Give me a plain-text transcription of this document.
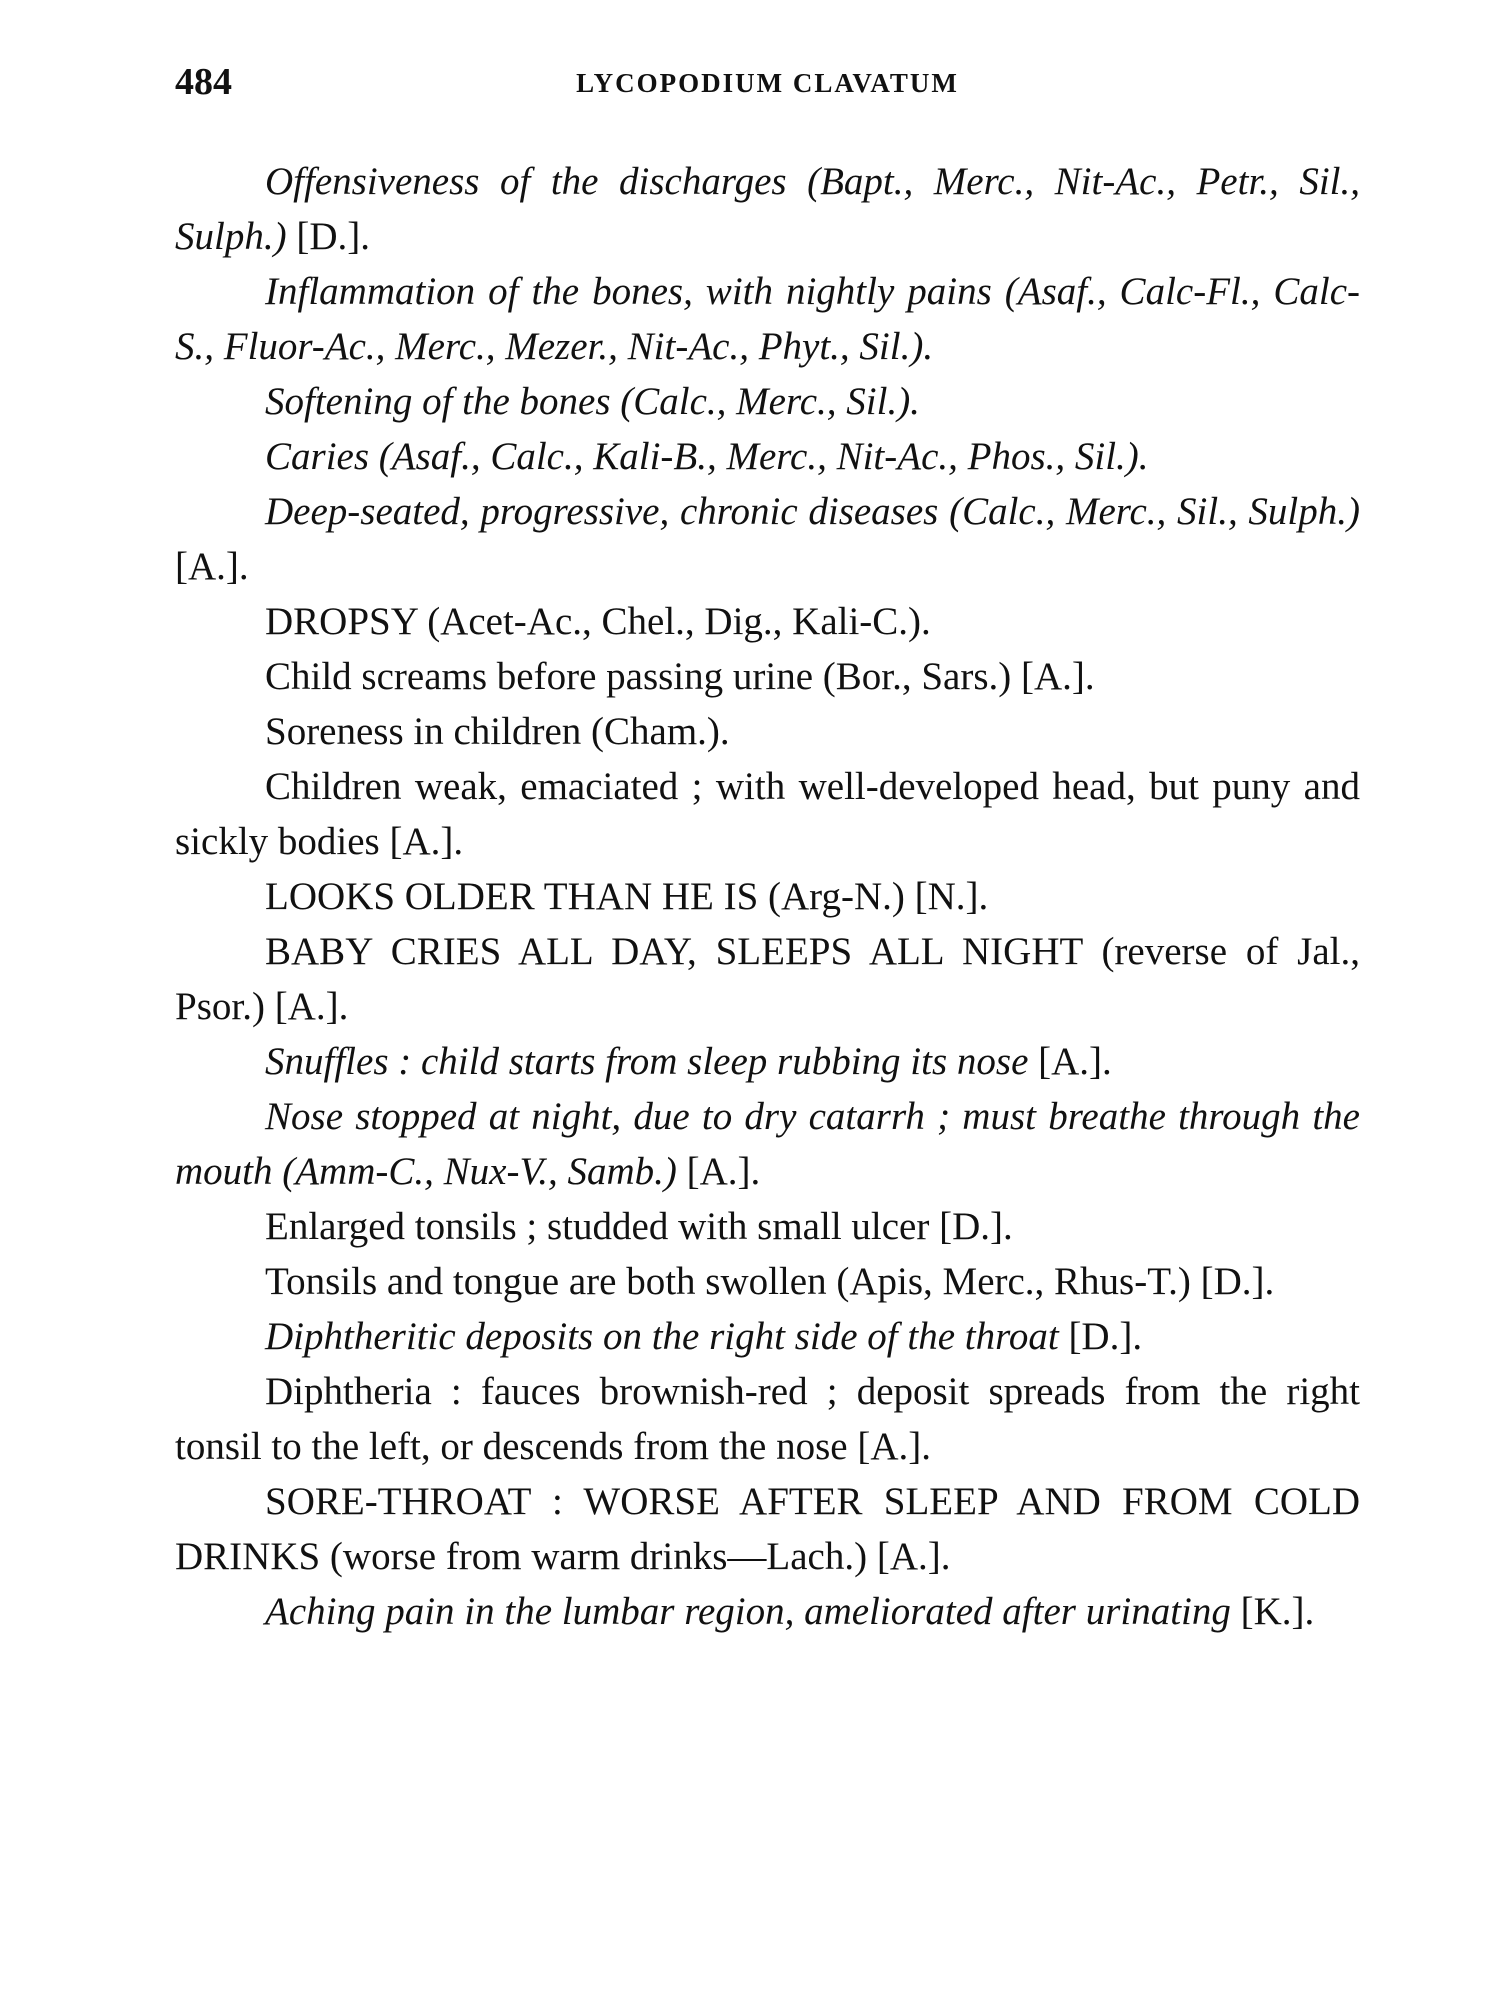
484	LYCOPODIUM CLAVATUM

Offensiveness of the discharges (Bapt., Merc., Nit-Ac., Petr., Sil., Sulph.) [D.].

Inflammation of the bones, with nightly pains (Asaf., Calc-Fl., Calc-S., Fluor-Ac., Merc., Mezer., Nit-Ac., Phyt., Sil.).

Softening of the bones (Calc., Merc., Sil.).

Caries (Asaf., Calc., Kali-B., Merc., Nit-Ac., Phos., Sil.).

Deep-seated, progressive, chronic diseases (Calc., Merc., Sil., Sulph.) [A.].

DROPSY (Acet-Ac., Chel., Dig., Kali-C.).

Child screams before passing urine (Bor., Sars.) [A.].

Soreness in children (Cham.).

Children weak, emaciated ; with well-developed head, but puny and sickly bodies [A.].

LOOKS OLDER THAN HE IS (Arg-N.) [N.].

BABY CRIES ALL DAY, SLEEPS ALL NIGHT (reverse of Jal., Psor.) [A.].

Snuffles : child starts from sleep rubbing its nose [A.].

Nose stopped at night, due to dry catarrh ; must breathe through the mouth (Amm-C., Nux-V., Samb.) [A.].

Enlarged tonsils ; studded with small ulcer [D.].

Tonsils and tongue are both swollen (Apis, Merc., Rhus-T.) [D.].

Diphtheritic deposits on the right side of the throat [D.].

Diphtheria : fauces brownish-red ; deposit spreads from the right tonsil to the left, or descends from the nose [A.].

SORE-THROAT : WORSE AFTER SLEEP AND FROM COLD DRINKS (worse from warm drinks—Lach.) [A.].

Aching pain in the lumbar region, ameliorated after urinating [K.].
